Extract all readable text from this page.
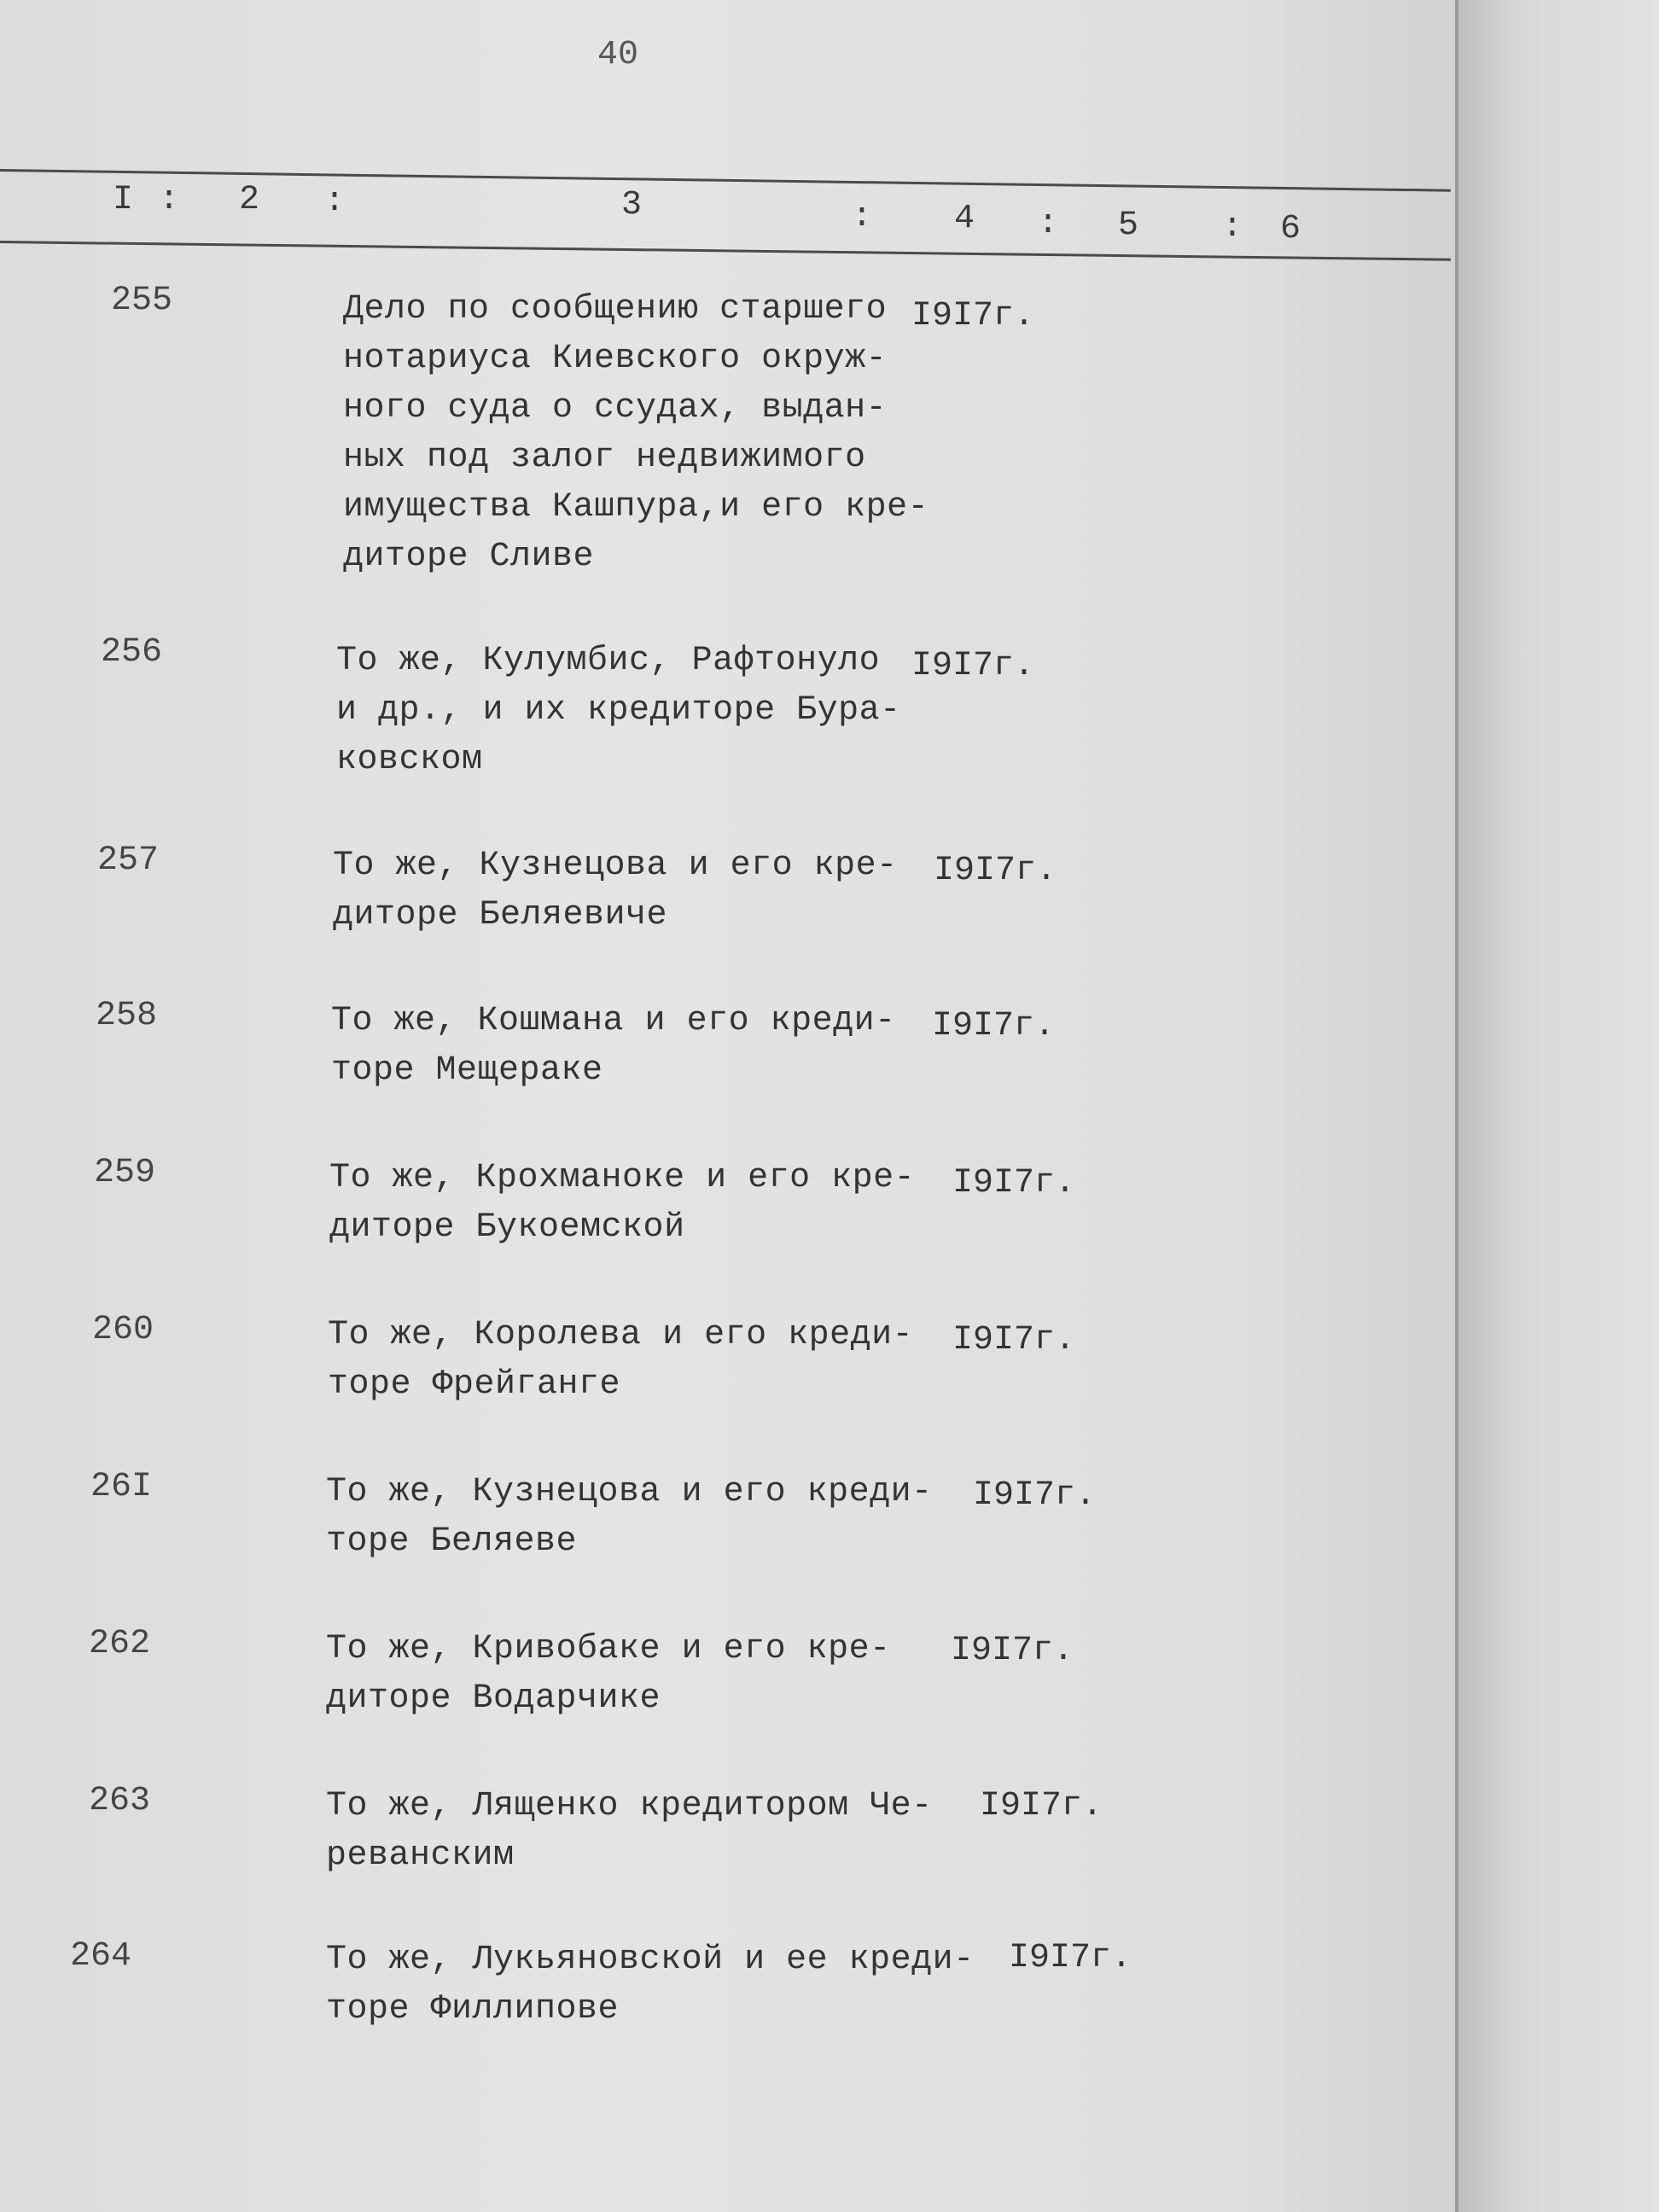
40
I : 2 :	3	: 4 : 5 : 6
255	Дело по сообщению старшего I9I7г.
нотариуса Киевского окруж-
ного суда о ссудах, выдан-
ных под залог недвижимого
имущества Кашпура,и его кре-
диторе Сливе
256	То же, Кулумбис, Рафтонуло I9I7г.
и др., и их кредиторе Бура-
ковском
257	То же, Кузнецова и его кре- I9I7г.
диторе Беляевиче
258	То же, Кошмана и его креди- I9I7г.
торе Мещераке
259	То же, Крохманоке и его кре- I9I7г.
диторе Букоемской
260	То же, Королева и его креди- I9I7г.
торе Фрейганге
26I	То же, Кузнецова и его креди- I9I7г.
торе Беляеве
262	То же, Кривобаке и его кре- I9I7г.
диторе Водарчике
263	То же, Лященко кредитором Че- I9I7г.
реванским
264	То же, Лукьяновской и ее креди- I9I7г.
торе Филлипове
